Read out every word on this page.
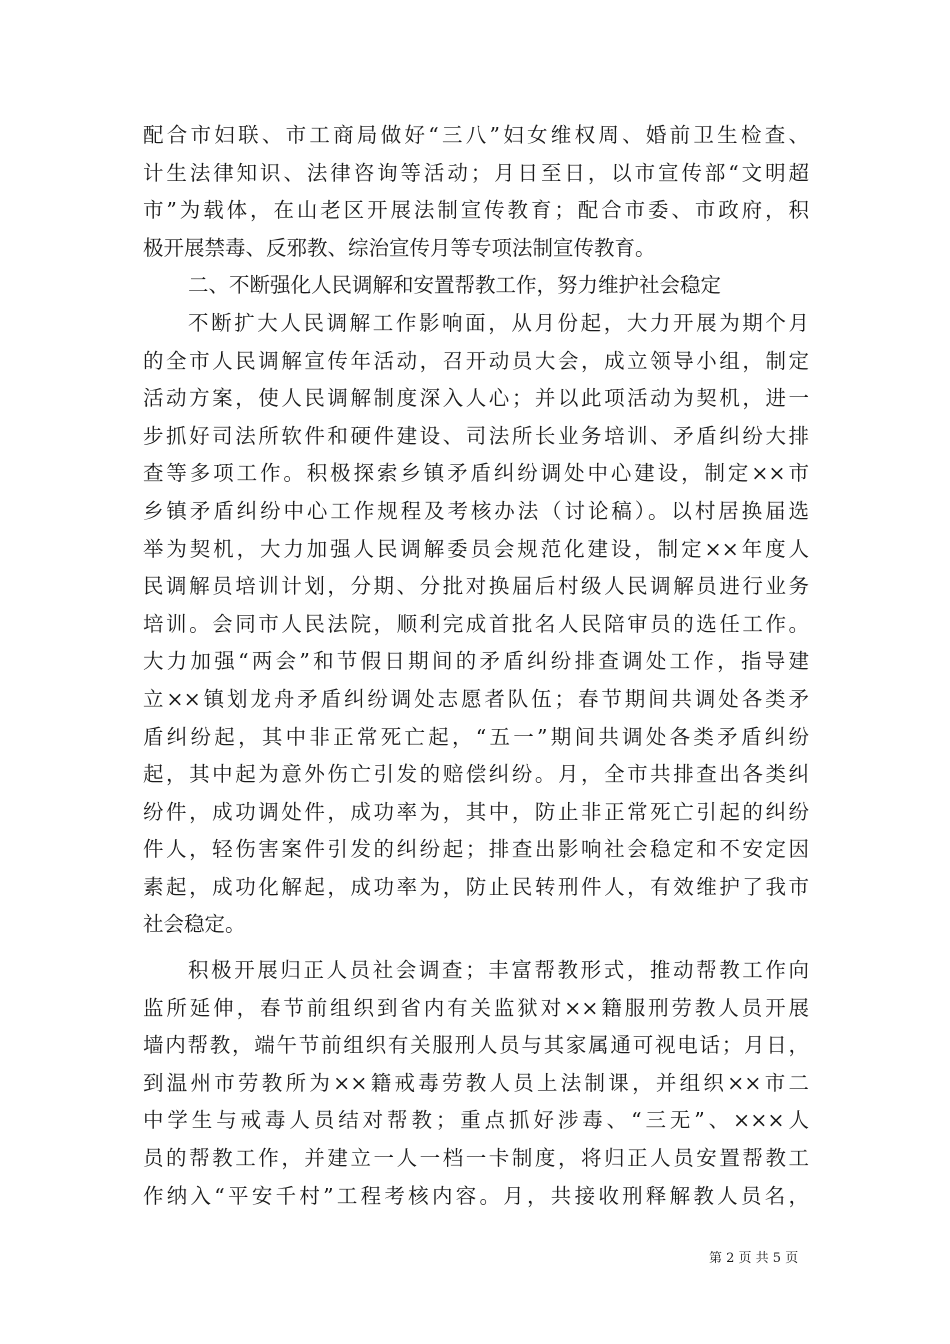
配合市妇联、市工商局做好“三八”妇女维权周、婚前卫生检查、
计生法律知识、法律咨询等活动；月日至日，以市宣传部“文明超
市”为载体，在山老区开展法制宣传教育；配合市委、市政府，积
极开展禁毒、反邪教、综治宣传月等专项法制宣传教育。
二、不断强化人民调解和安置帮教工作，努力维护社会稳定
不断扩大人民调解工作影响面，从月份起，大力开展为期个月
的全市人民调解宣传年活动，召开动员大会，成立领导小组，制定
活动方案，使人民调解制度深入人心；并以此项活动为契机，进一
步抓好司法所软件和硬件建设、司法所长业务培训、矛盾纠纷大排
查等多项工作。积极探索乡镇矛盾纠纷调处中心建设，制定××市
乡镇矛盾纠纷中心工作规程及考核办法（讨论稿）。以村居换届选
举为契机，大力加强人民调解委员会规范化建设，制定××年度人
民调解员培训计划，分期、分批对换届后村级人民调解员进行业务
培训。会同市人民法院，顺利完成首批名人民陪审员的选任工作。
大力加强“两会”和节假日期间的矛盾纠纷排查调处工作，指导建
立××镇划龙舟矛盾纠纷调处志愿者队伍；春节期间共调处各类矛
盾纠纷起，其中非正常死亡起，“五一”期间共调处各类矛盾纠纷
起，其中起为意外伤亡引发的赔偿纠纷。月，全市共排查出各类纠
纷件，成功调处件，成功率为，其中，防止非正常死亡引起的纠纷
件人，轻伤害案件引发的纠纷起；排查出影响社会稳定和不安定因
素起，成功化解起，成功率为，防止民转刑件人，有效维护了我市
社会稳定。
积极开展归正人员社会调查；丰富帮教形式，推动帮教工作向
监所延伸，春节前组织到省内有关监狱对××籍服刑劳教人员开展
墙内帮教，端午节前组织有关服刑人员与其家属通可视电话；月日，
到温州市劳教所为××籍戒毒劳教人员上法制课，并组织××市二
中学生与戒毒人员结对帮教；重点抓好涉毒、“三无”、×××人
员的帮教工作，并建立一人一档一卡制度，将归正人员安置帮教工
作纳入“平安千村”工程考核内容。月，共接收刑释解教人员名，
第 2 页 共 5 页
